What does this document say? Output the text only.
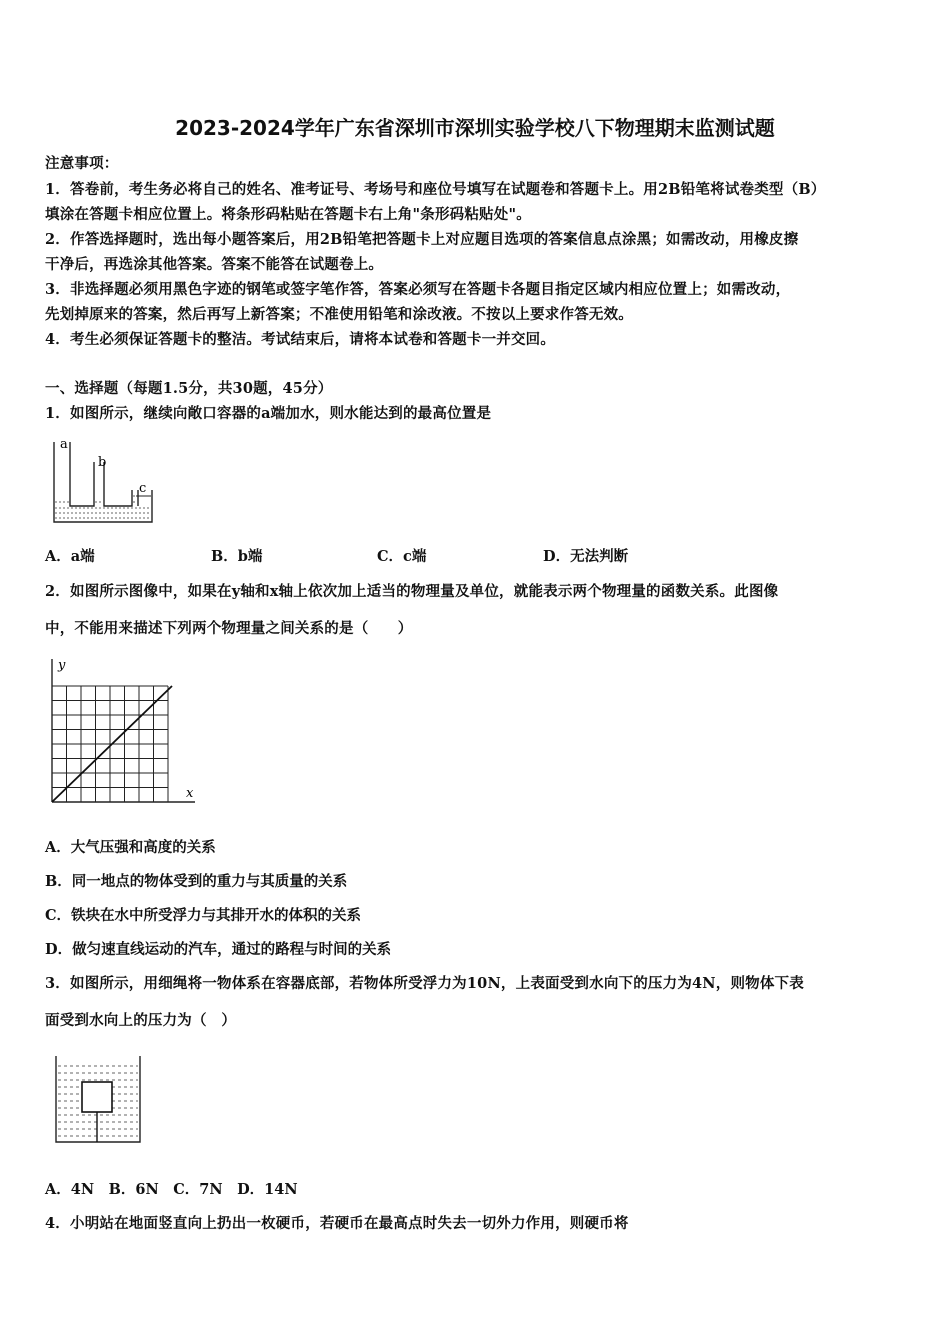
2023-2024学年广东省深圳市深圳实验学校八下物理期末监测试题
注意事项：
1．答卷前，考生务必将自己的姓名、准考证号、考场号和座位号填写在试题卷和答题卡上。用2B铅笔将试卷类型（B）
填涂在答题卡相应位置上。将条形码粘贴在答题卡右上角"条形码粘贴处"。
2．作答选择题时，选出每小题答案后，用2B铅笔把答题卡上对应题目选项的答案信息点涂黑；如需改动，用橡皮擦
干净后，再选涂其他答案。答案不能答在试题卷上。
3．非选择题必须用黑色字迹的钢笔或签字笔作答，答案必须写在答题卡各题目指定区域内相应位置上；如需改动，
先划掉原来的答案，然后再写上新答案；不准使用铅笔和涂改液。不按以上要求作答无效。
4．考生必须保证答题卡的整洁。考试结束后，请将本试卷和答题卡一并交回。
一、选择题（每题1.5分，共30题，45分）
1．如图所示，继续向敞口容器的a端加水，则水能达到的最高位置是
a
b
c
A．a端	B．b端	C．c端	D．无法判断
2．如图所示图像中，如果在y轴和x轴上依次加上适当的物理量及单位，就能表示两个物理量的函数关系。此图像
中，不能用来描述下列两个物理量之间关系的是（　　）
y
x
A．大气压强和高度的关系
B．同一地点的物体受到的重力与其质量的关系
C．铁块在水中所受浮力与其排开水的体积的关系
D．做匀速直线运动的汽车，通过的路程与时间的关系
3．如图所示，用细绳将一物体系在容器底部，若物体所受浮力为10N，上表面受到水向下的压力为4N，则物体下表
面受到水向上的压力为（　）
A．4N　B．6N　C．7N　D．14N
4．小明站在地面竖直向上扔出一枚硬币，若硬币在最高点时失去一切外力作用，则硬币将
